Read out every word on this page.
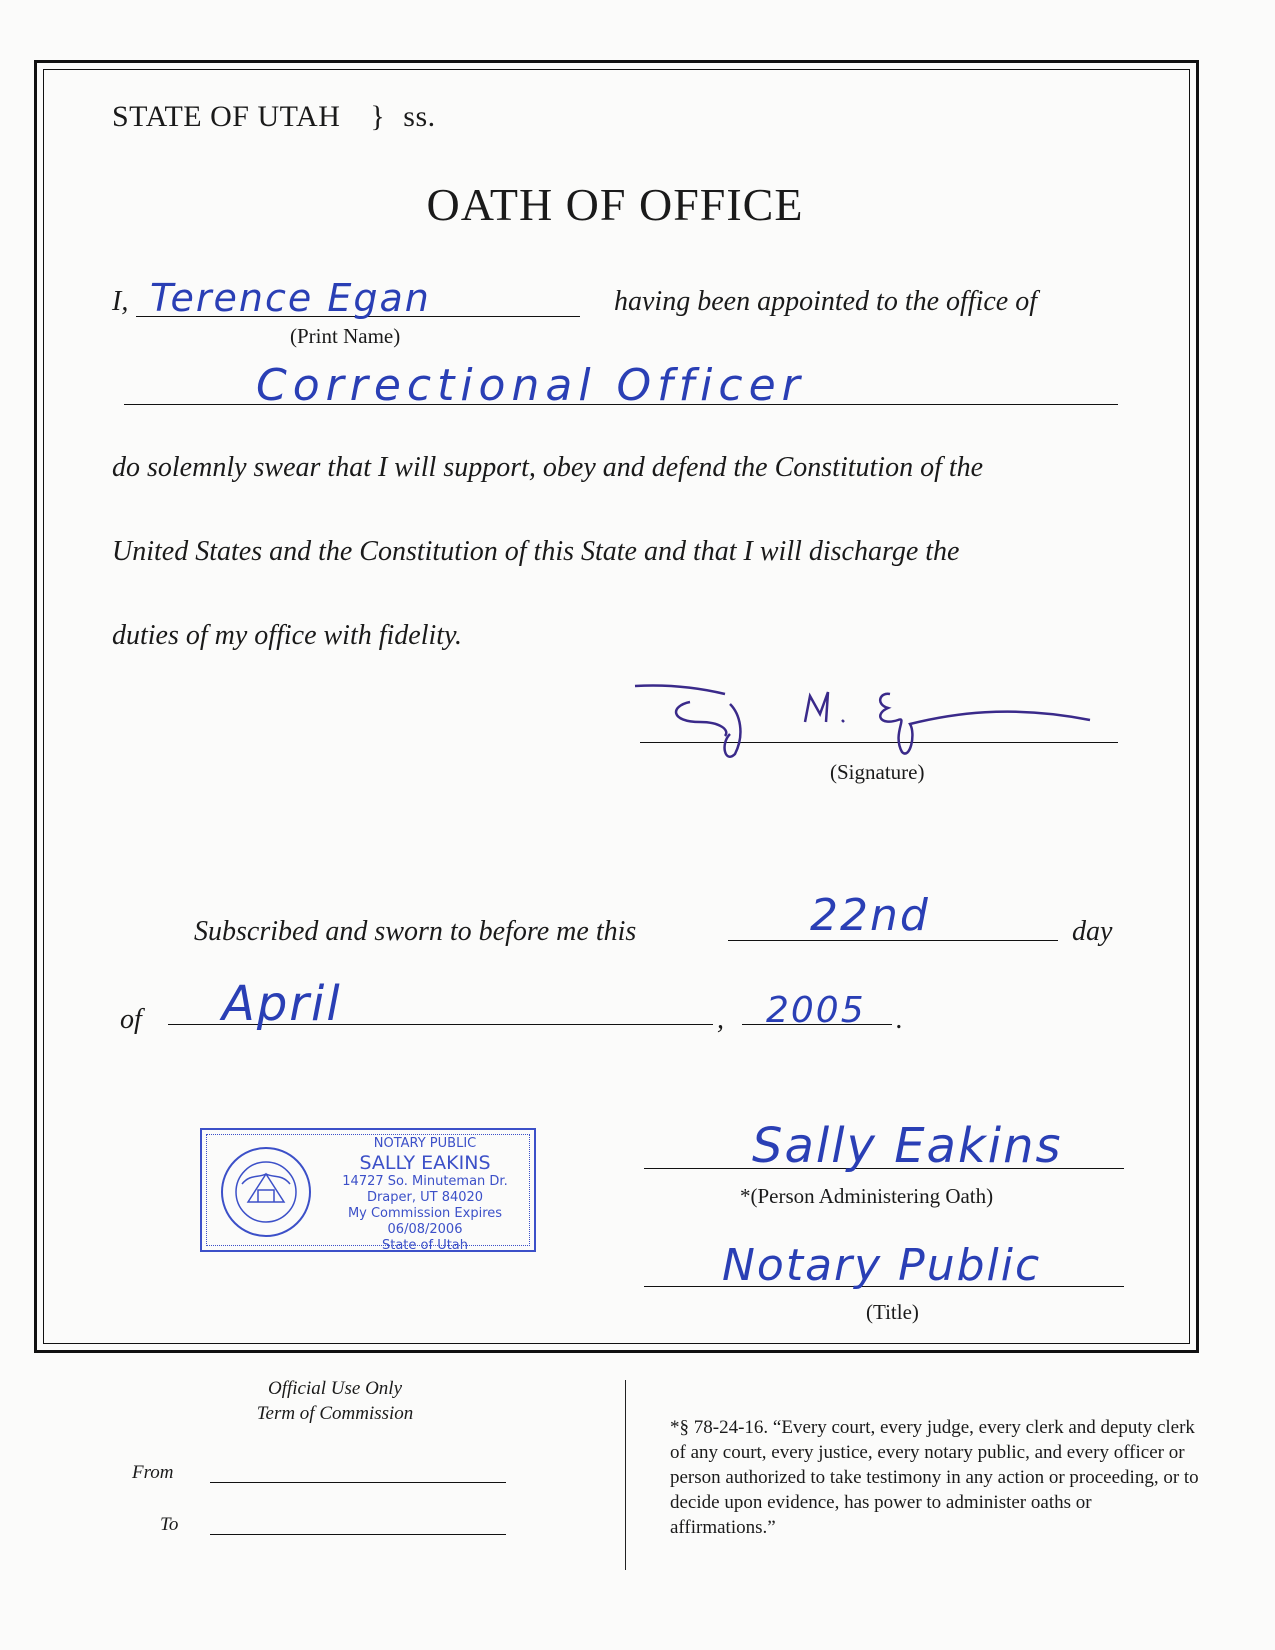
STATE OF UTAH } ss.
OATH OF OFFICE
I, Terence Egan
(Print Name)
having been appointed to the office of
Correctional Officer
do solemnly swear that I will support, obey and defend the Constitution of the
United States and the Constitution of this State and that I will discharge the
duties of my office with fidelity.
(Signature)
Subscribed and sworn to before me this	22nd	day
of April	, 2005 .
NOTARY PUBLIC
SALLY EAKINS
14727 So. Minuteman Dr.
Draper, UT 84020
My Commission Expires 06/08/2006
State of Utah
Sally Eakins
*(Person Administering Oath)
Notary Public
(Title)
Official Use Only
Term of Commission
From
To
*§ 78-24-16. “Every court, every judge, every clerk and deputy clerk of any court, every justice, every notary public, and every officer or person authorized to take testimony in any action or proceeding, or to decide upon evidence, has power to administer oaths or affirmations.”
